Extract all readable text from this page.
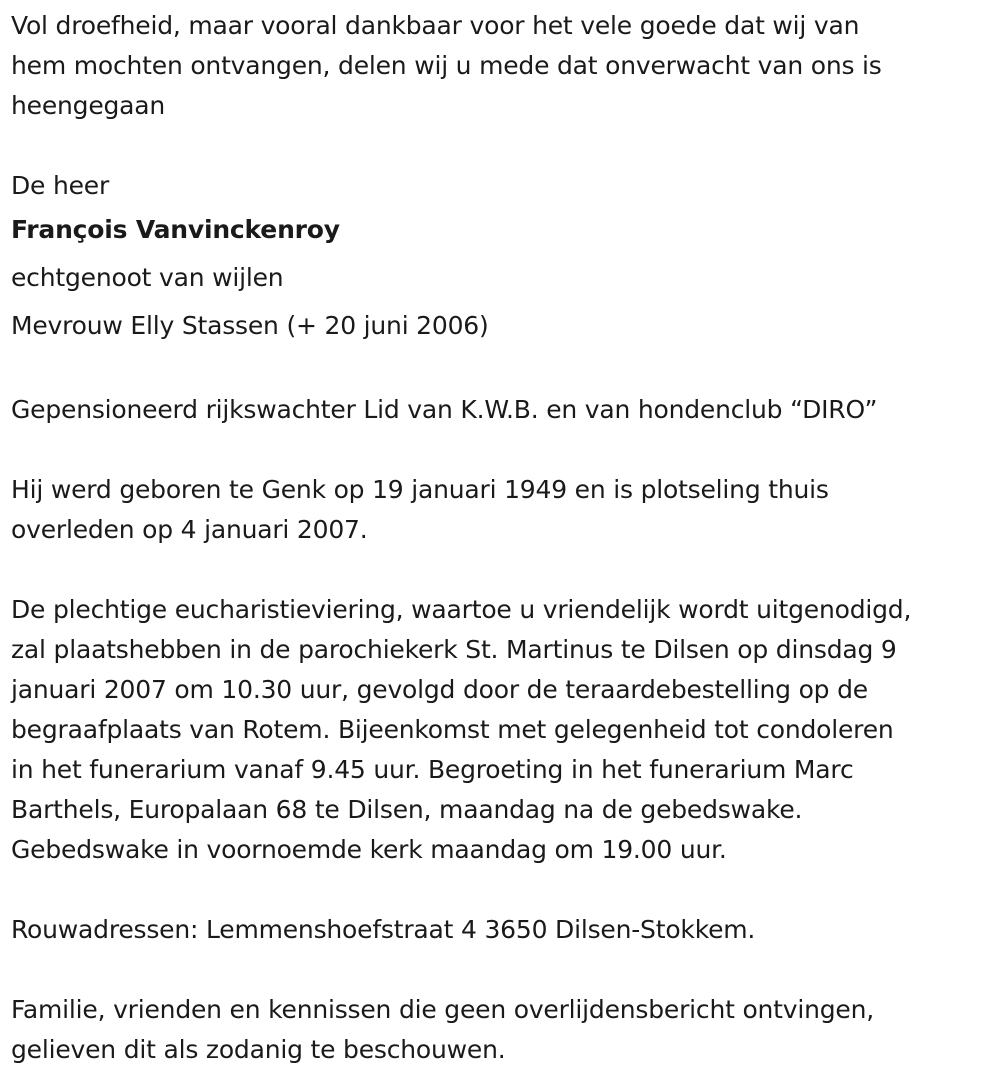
Vol droefheid, maar vooral dankbaar voor het vele goede dat wij van
hem mochten ontvangen, delen wij u mede dat onverwacht van ons is
heengegaan

De heer

François Vanvinckenroy

echtgenoot van wijlen

Mevrouw Elly Stassen (+ 20 juni 2006)

Gepensioneerd rijkswachter Lid van K.W.B. en van hondenclub “DIRO”

Hij werd geboren te Genk op 19 januari 1949 en is plotseling thuis
overleden op 4 januari 2007.

De plechtige eucharistieviering, waartoe u vriendelijk wordt uitgenodigd,
zal plaatshebben in de parochiekerk St. Martinus te Dilsen op dinsdag 9
januari 2007 om 10.30 uur, gevolgd door de teraardebestelling op de
begraafplaats van Rotem. Bijeenkomst met gelegenheid tot condoleren
in het funerarium vanaf 9.45 uur. Begroeting in het funerarium Marc
Barthels, Europalaan 68 te Dilsen, maandag na de gebedswake.
Gebedswake in voornoemde kerk maandag om 19.00 uur.

Rouwadressen: Lemmenshoefstraat 4 3650 Dilsen-Stokkem.

Familie, vrienden en kennissen die geen overlijdensbericht ontvingen,
gelieven dit als zodanig te beschouwen.
